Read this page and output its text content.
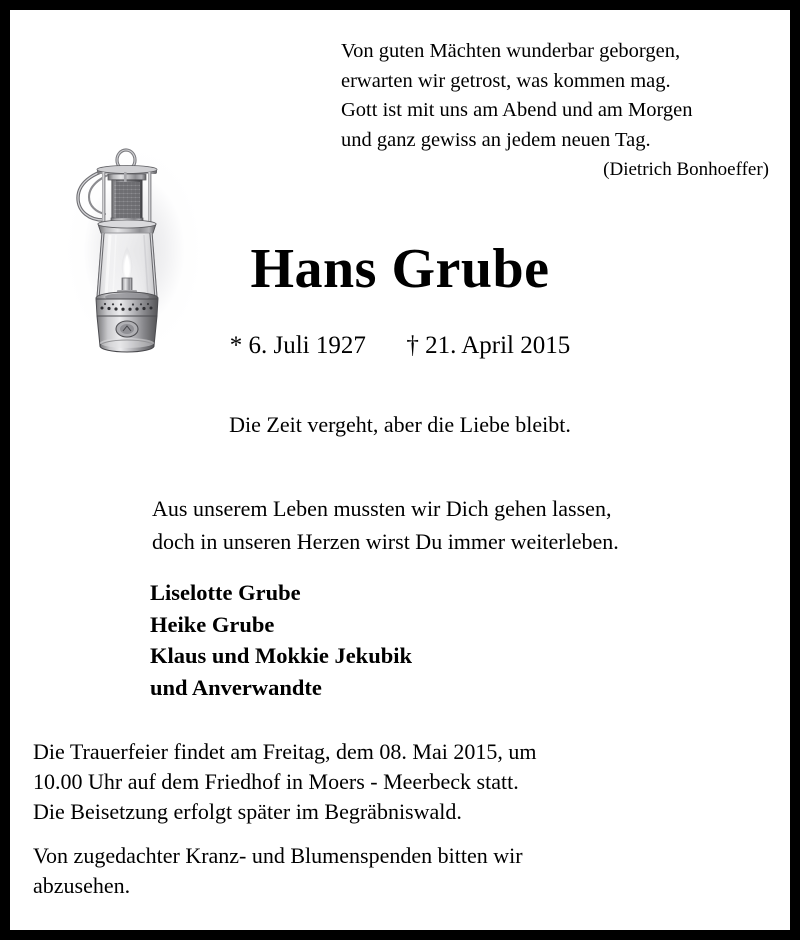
Von guten Mächten wunderbar geborgen,
erwarten wir getrost, was kommen mag.
Gott ist mit uns am Abend und am Morgen
und ganz gewiss an jedem neuen Tag.
(Dietrich Bonhoeffer)
Hans Grube
* 6. Juli 1927 † 21. April 2015
Die Zeit vergeht, aber die Liebe bleibt.
Aus unserem Leben mussten wir Dich gehen lassen,
doch in unseren Herzen wirst Du immer weiterleben.
Liselotte Grube
Heike Grube
Klaus und Mokkie Jekubik
und Anverwandte
Die Trauerfeier findet am Freitag, dem 08. Mai 2015, um
10.00 Uhr auf dem Friedhof in Moers - Meerbeck statt.
Die Beisetzung erfolgt später im Begräbniswald.
Von zugedachter Kranz- und Blumenspenden bitten wir
abzusehen.
